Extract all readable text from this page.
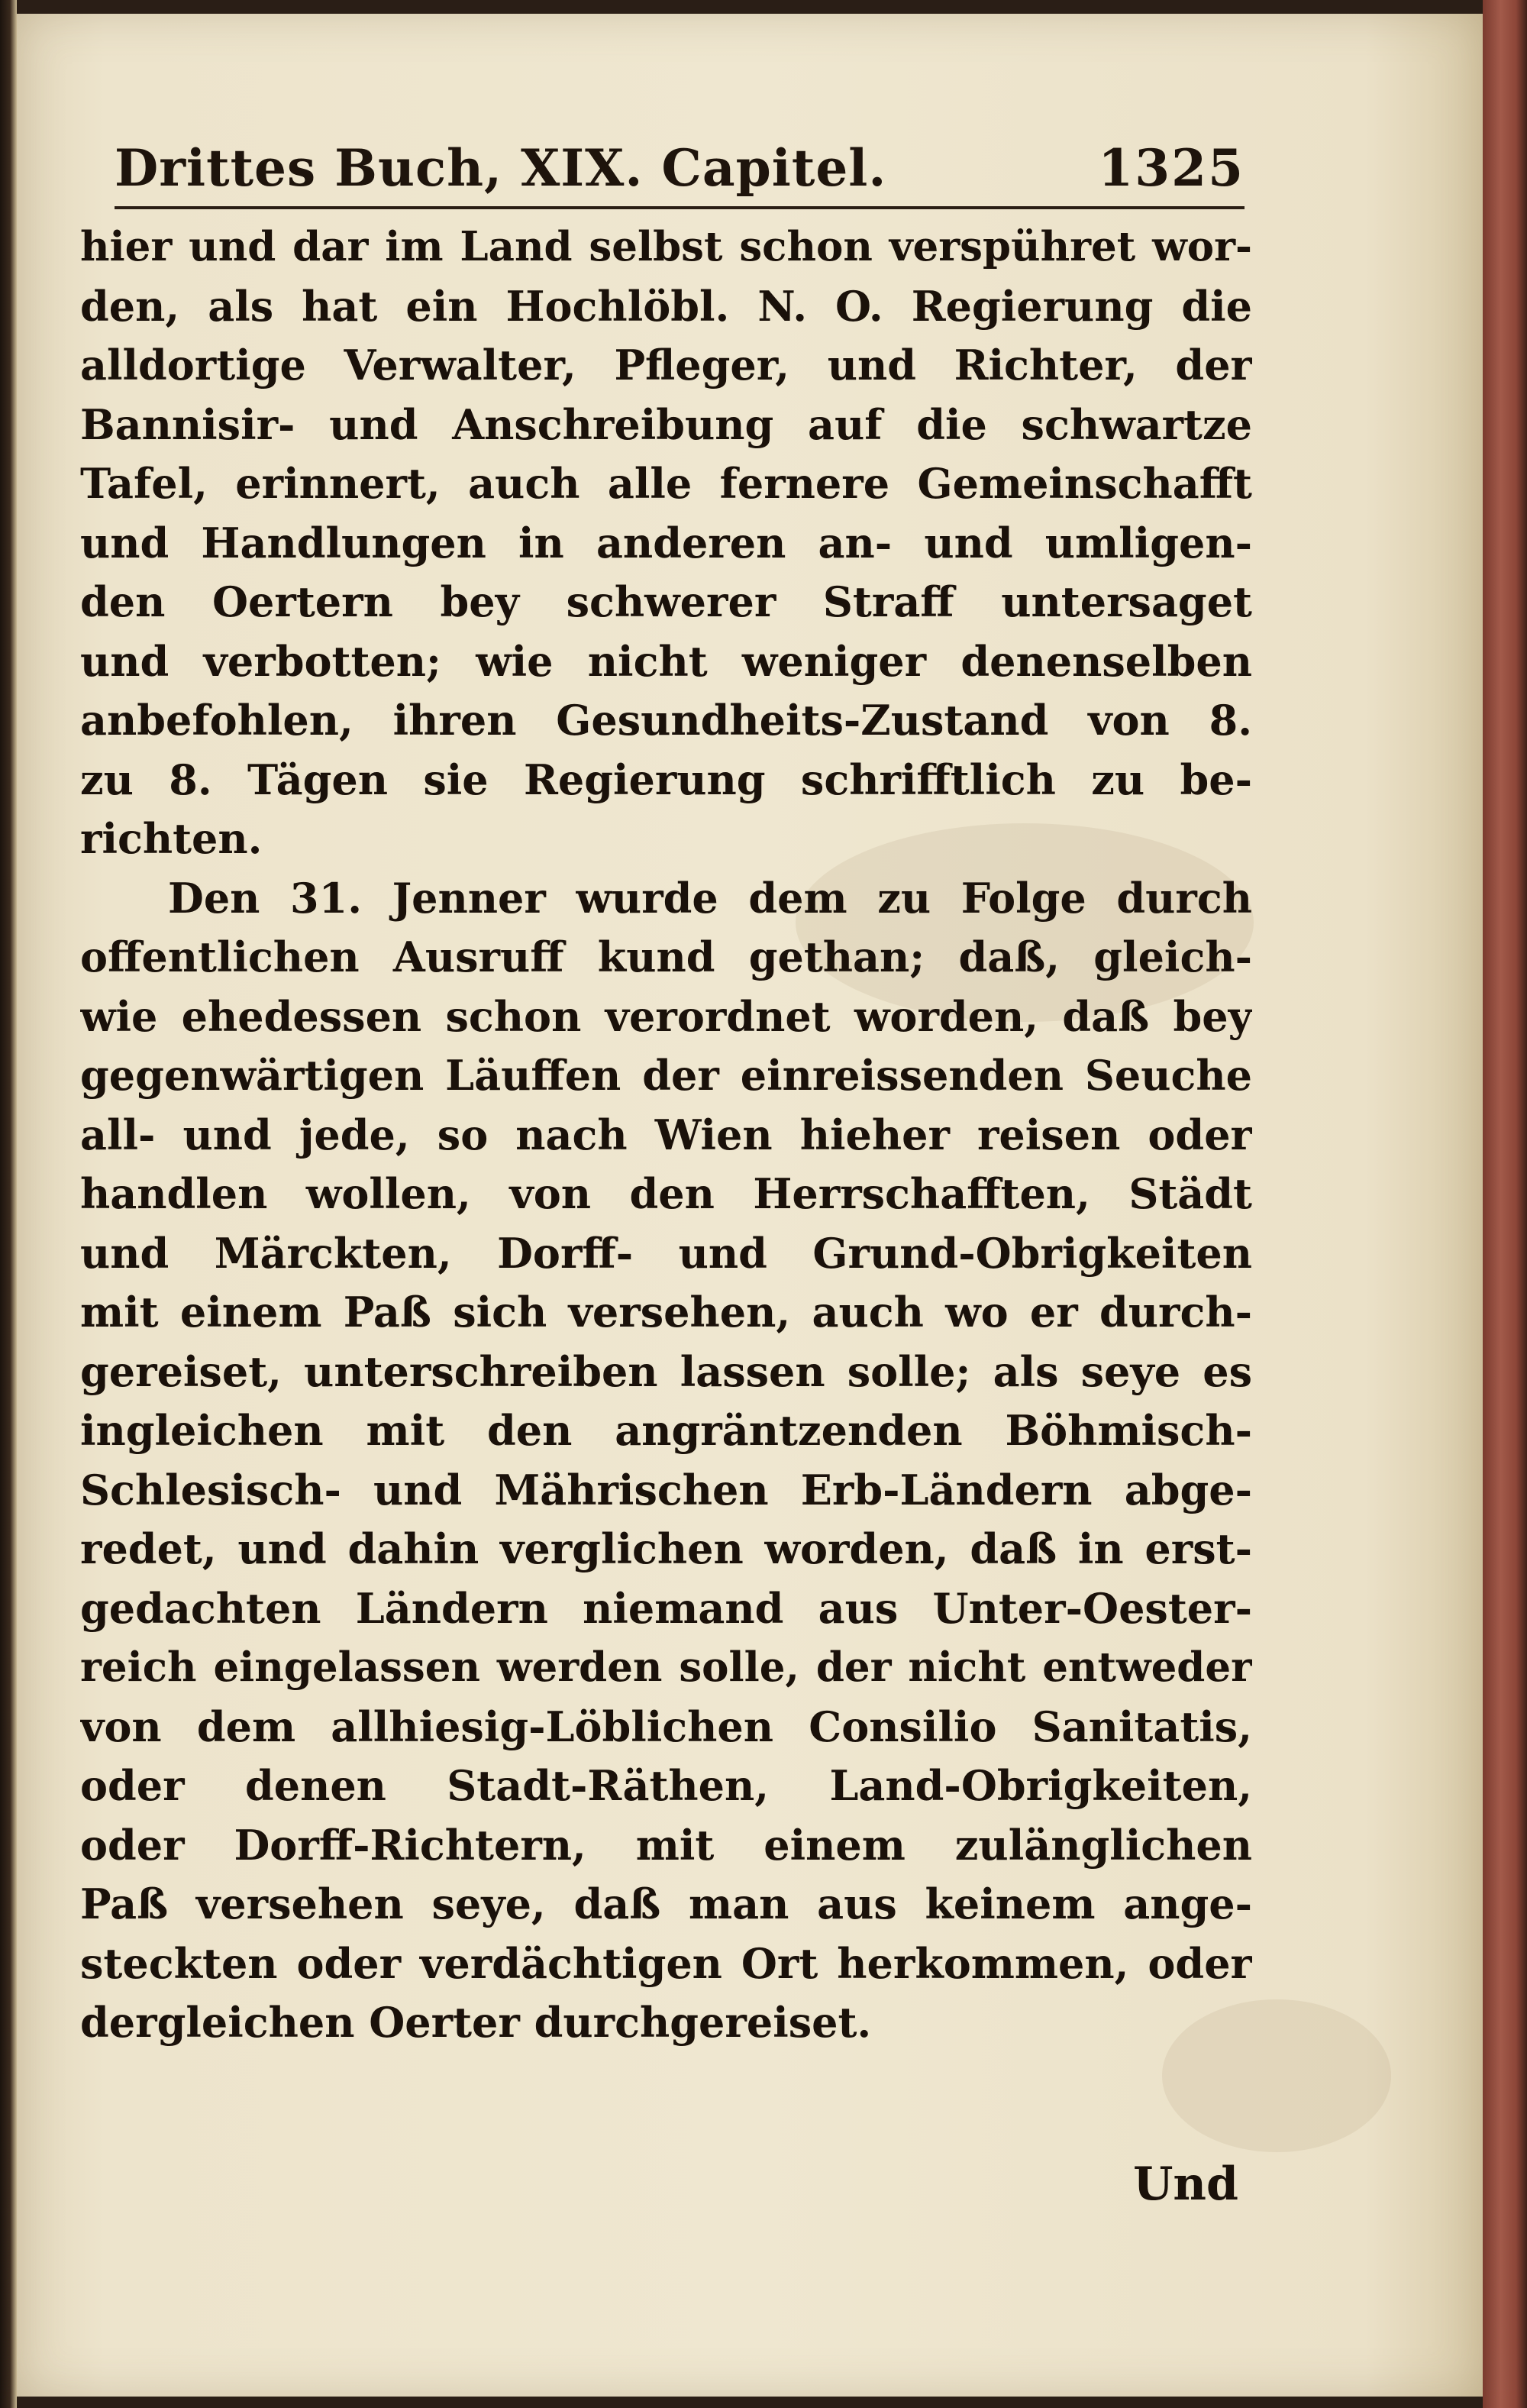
Drittes Buch, XIX. Capitel.	1325
hier und dar im Land selbst schon verspühret wor-
den, als hat ein Hochlöbl. N. O. Regierung die
alldortige Verwalter, Pfleger, und Richter, der
Bannisir- und Anschreibung auf die schwartze
Tafel, erinnert, auch alle fernere Gemeinschafft
und Handlungen in anderen an- und umligen-
den Oertern bey schwerer Straff untersaget
und verbotten; wie nicht weniger denenselben
anbefohlen, ihren Gesundheits-Zustand von 8.
zu 8. Tägen sie Regierung schrifftlich zu be-
richten.
Den 31. Jenner wurde dem zu Folge durch
offentlichen Ausruff kund gethan; daß, gleich-
wie ehedessen schon verordnet worden, daß bey
gegenwärtigen Läuffen der einreissenden Seuche
all- und jede, so nach Wien hieher reisen oder
handlen wollen, von den Herrschafften, Städt
und Märckten, Dorff- und Grund-Obrigkeiten
mit einem Paß sich versehen, auch wo er durch-
gereiset, unterschreiben lassen solle; als seye es
ingleichen mit den angräntzenden Böhmisch-
Schlesisch- und Mährischen Erb-Ländern abge-
redet, und dahin verglichen worden, daß in erst-
gedachten Ländern niemand aus Unter-Oester-
reich eingelassen werden solle, der nicht entweder
von dem allhiesig-Löblichen Consilio Sanitatis,
oder denen Stadt-Räthen, Land-Obrigkeiten,
oder Dorff-Richtern, mit einem zulänglichen
Paß versehen seye, daß man aus keinem ange-
steckten oder verdächtigen Ort herkommen, oder
dergleichen Oerter durchgereiset.
Und
